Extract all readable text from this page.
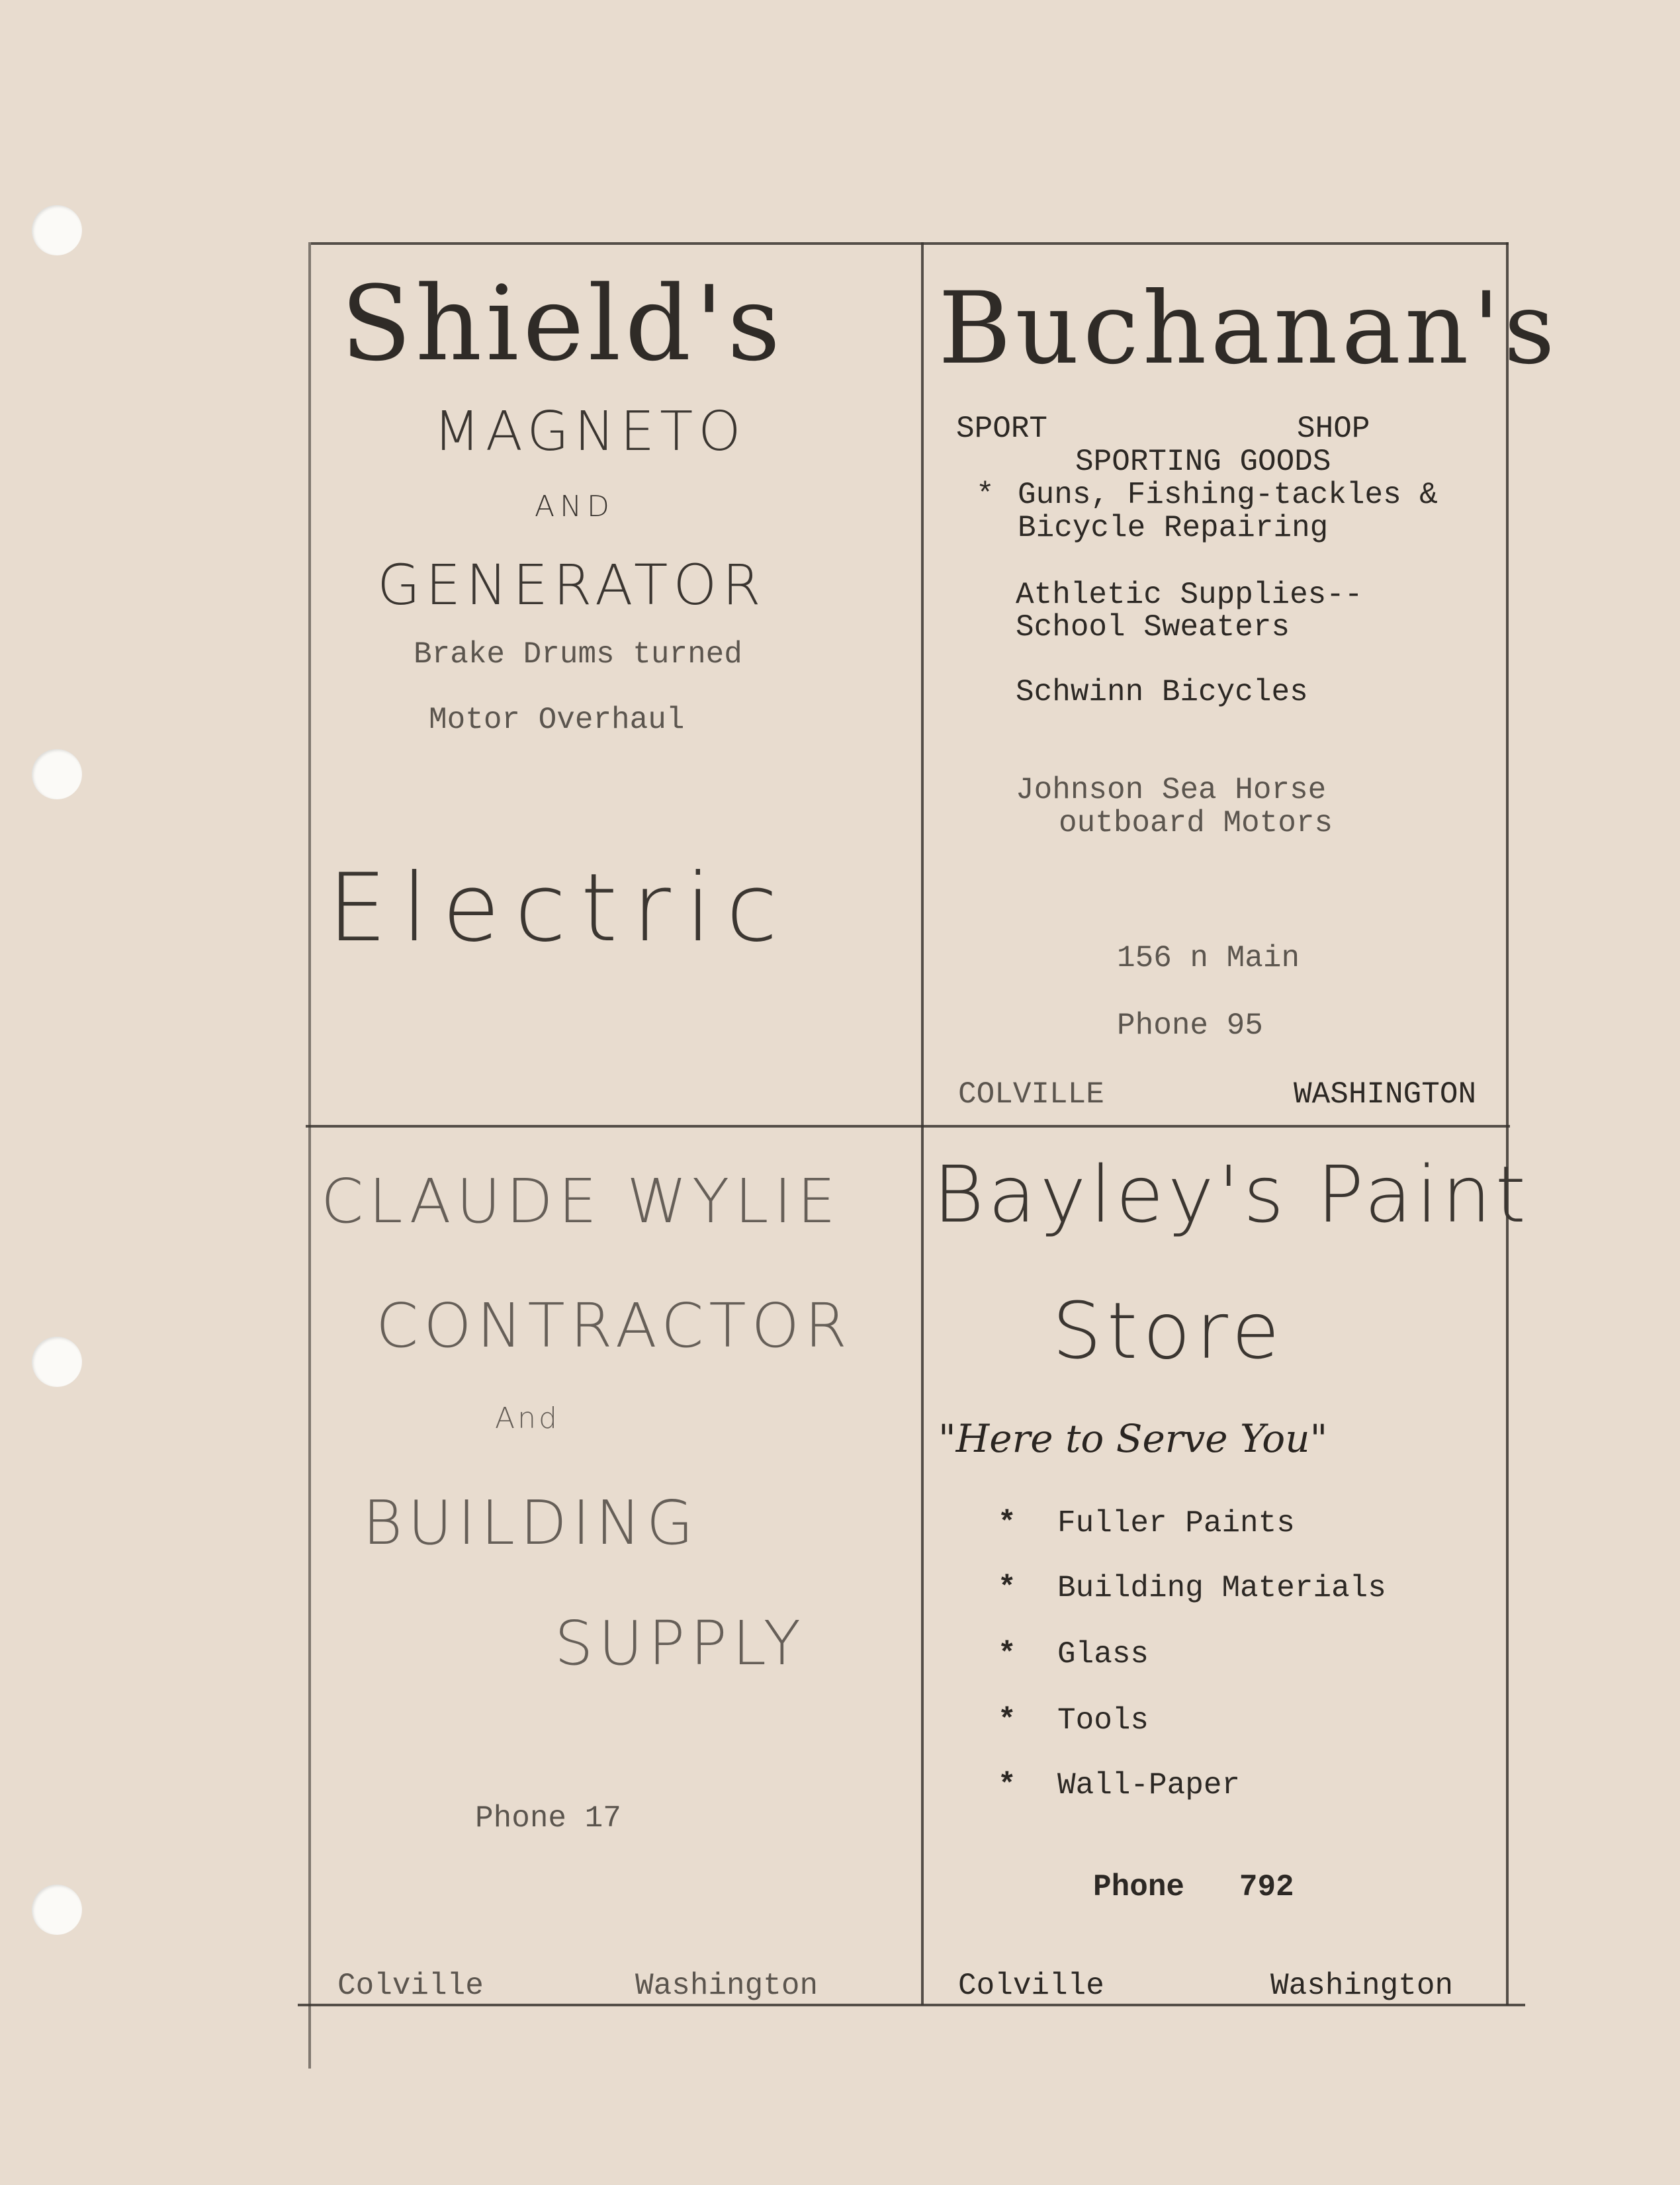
Shield's
MAGNETO
AND
GENERATOR
Brake Drums turned
Motor Overhaul
Electric
Buchanan's
SPORT	SHOP
SPORTING GOODS
* Guns, Fishing-tackles &
Bicycle Repairing
Athletic Supplies--
School Sweaters
Schwinn Bicycles
Johnson Sea Horse
outboard Motors
156 n Main
Phone 95
COLVILLE	WASHINGTON
CLAUDE WYLIE
CONTRACTOR
And
BUILDING
SUPPLY
Phone 17
Colville	Washington
Bayley's Paint
Store
"Here to Serve You"
* Fuller Paints
* Building Materials
* Glass
* Tools
* Wall-Paper
Phone   792
Colville	Washington
